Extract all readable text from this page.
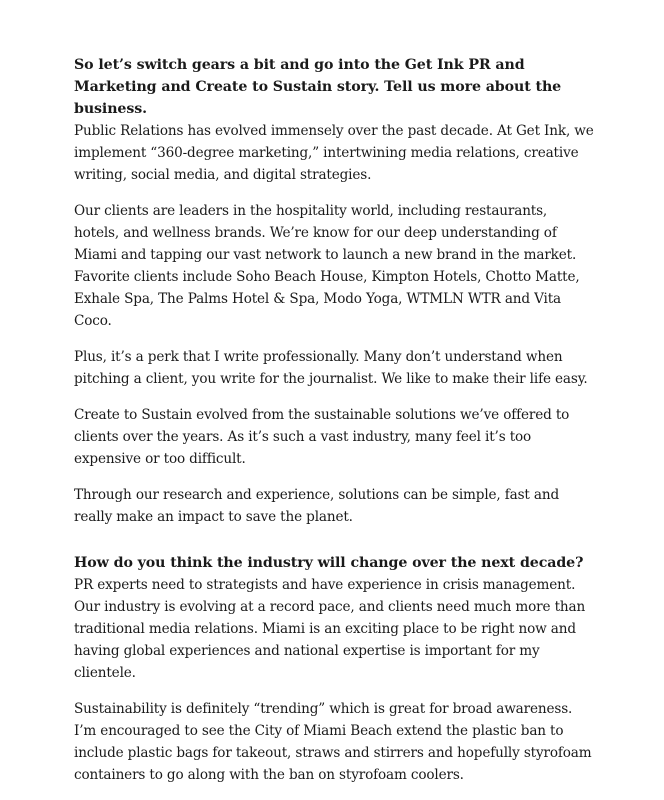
So let’s switch gears a bit and go into the Get Ink PR and Marketing and Create to Sustain story. Tell us more about the business.

Public Relations has evolved immensely over the past decade. At Get Ink, we implement “360-degree marketing,” intertwining media relations, creative writing, social media, and digital strategies.

Our clients are leaders in the hospitality world, including restaurants, hotels, and wellness brands. We’re know for our deep understanding of Miami and tapping our vast network to launch a new brand in the market. Favorite clients include Soho Beach House, Kimpton Hotels, Chotto Matte, Exhale Spa, The Palms Hotel & Spa, Modo Yoga, WTMLN WTR and Vita Coco.

Plus, it’s a perk that I write professionally. Many don’t understand when pitching a client, you write for the journalist. We like to make their life easy.

Create to Sustain evolved from the sustainable solutions we’ve offered to clients over the years. As it’s such a vast industry, many feel it’s too expensive or too difficult.

Through our research and experience, solutions can be simple, fast and really make an impact to save the planet.

How do you think the industry will change over the next decade?

PR experts need to strategists and have experience in crisis management. Our industry is evolving at a record pace, and clients need much more than traditional media relations. Miami is an exciting place to be right now and having global experiences and national expertise is important for my clientele.

Sustainability is definitely “trending” which is great for broad awareness. I’m encouraged to see the City of Miami Beach extend the plastic ban to include plastic bags for takeout, straws and stirrers and hopefully styrofoam containers to go along with the ban on styrofoam coolers.
